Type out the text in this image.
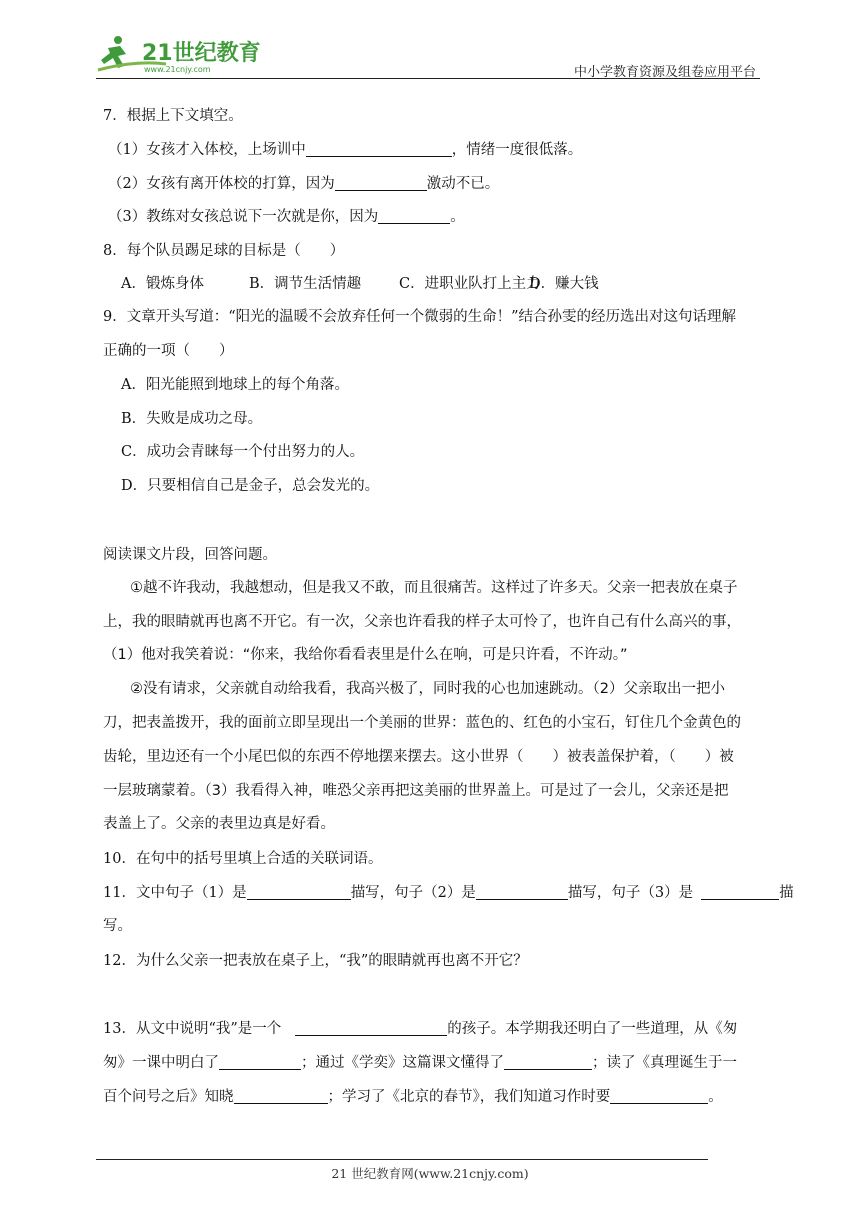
21世纪教育
www.21cnjy.com	中小学教育资源及组卷应用平台
7．根据上下文填空。
（1）女孩才入体校，上场训中	，情绪一度很低落。
（2）女孩有离开体校的打算，因为	激动不已。
（3）教练对女孩总说下一次就是你，因为	。
8．每个队员踢足球的目标是（　　）
A．锻炼身体	B．调节生活情趣	C．进职业队打上主力D．赚大钱
9．文章开头写道：“阳光的温暖不会放弃任何一个微弱的生命！”结合孙雯的经历选出对这句话理解
正确的一项（　　）
A．阳光能照到地球上的每个角落。
B．失败是成功之母。
C．成功会青睐每一个付出努力的人。
D．只要相信自己是金子，总会发光的。
阅读课文片段，回答问题。
①越不许我动，我越想动，但是我又不敢，而且很痛苦。这样过了许多天。父亲一把表放在桌子
上，我的眼睛就再也离不开它。有一次，父亲也许看我的样子太可怜了，也许自己有什么高兴的事，
（1）他对我笑着说：“你来，我给你看看表里是什么在响，可是只许看，不许动。”
②没有请求，父亲就自动给我看，我高兴极了，同时我的心也加速跳动。（2）父亲取出一把小
刀，把表盖拨开，我的面前立即呈现出一个美丽的世界：蓝色的、红色的小宝石，钉住几个金黄色的
齿轮，里边还有一个小尾巴似的东西不停地摆来摆去。这小世界（　　）被表盖保护着，（　　）被
一层玻璃蒙着。（3）我看得入神，唯恐父亲再把这美丽的世界盖上。可是过了一会儿，父亲还是把
表盖上了。父亲的表里边真是好看。
10．在句中的括号里填上合适的关联词语。
11．文中句子（1）是	描写，句子（2）是	描写，句子（3）是	描
写。
12．为什么父亲一把表放在桌子上，“我”的眼睛就再也离不开它？
13．从文中说明“我”是一个	的孩子。本学期我还明白了一些道理，从《匆
匆》一课中明白了	；通过《学奕》这篇课文懂得了	；读了《真理诞生于一
百个问号之后》知晓	；学习了《北京的春节》，我们知道习作时要	。
21 世纪教育网(www.21cnjy.com)
